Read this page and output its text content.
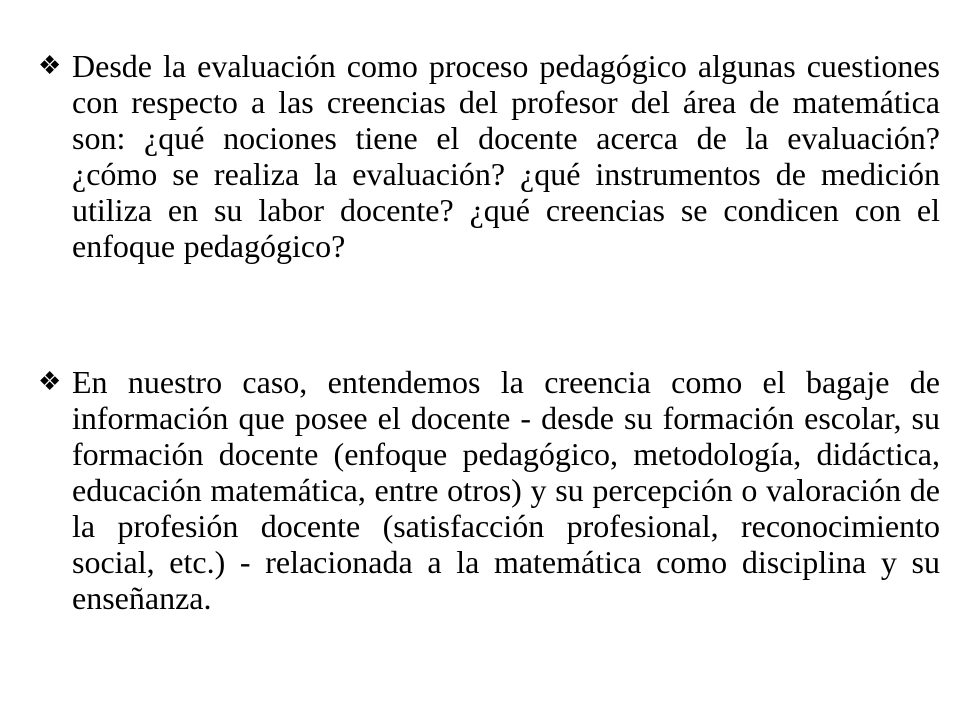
❖ Desde la evaluación como proceso pedagógico algunas cuestiones con respecto a las creencias del profesor del área de matemática son: ¿qué nociones tiene el docente acerca de la evaluación? ¿cómo se realiza la evaluación? ¿qué instrumentos de medición utiliza en su labor docente? ¿qué creencias se condicen con el enfoque pedagógico?

❖ En nuestro caso, entendemos la creencia como el bagaje de información que posee el docente - desde su formación escolar, su formación docente (enfoque pedagógico, metodología, didáctica, educación matemática, entre otros) y su percepción o valoración de la profesión docente (satisfacción profesional, reconocimiento social, etc.) - relacionada a la matemática como disciplina y su enseñanza.
